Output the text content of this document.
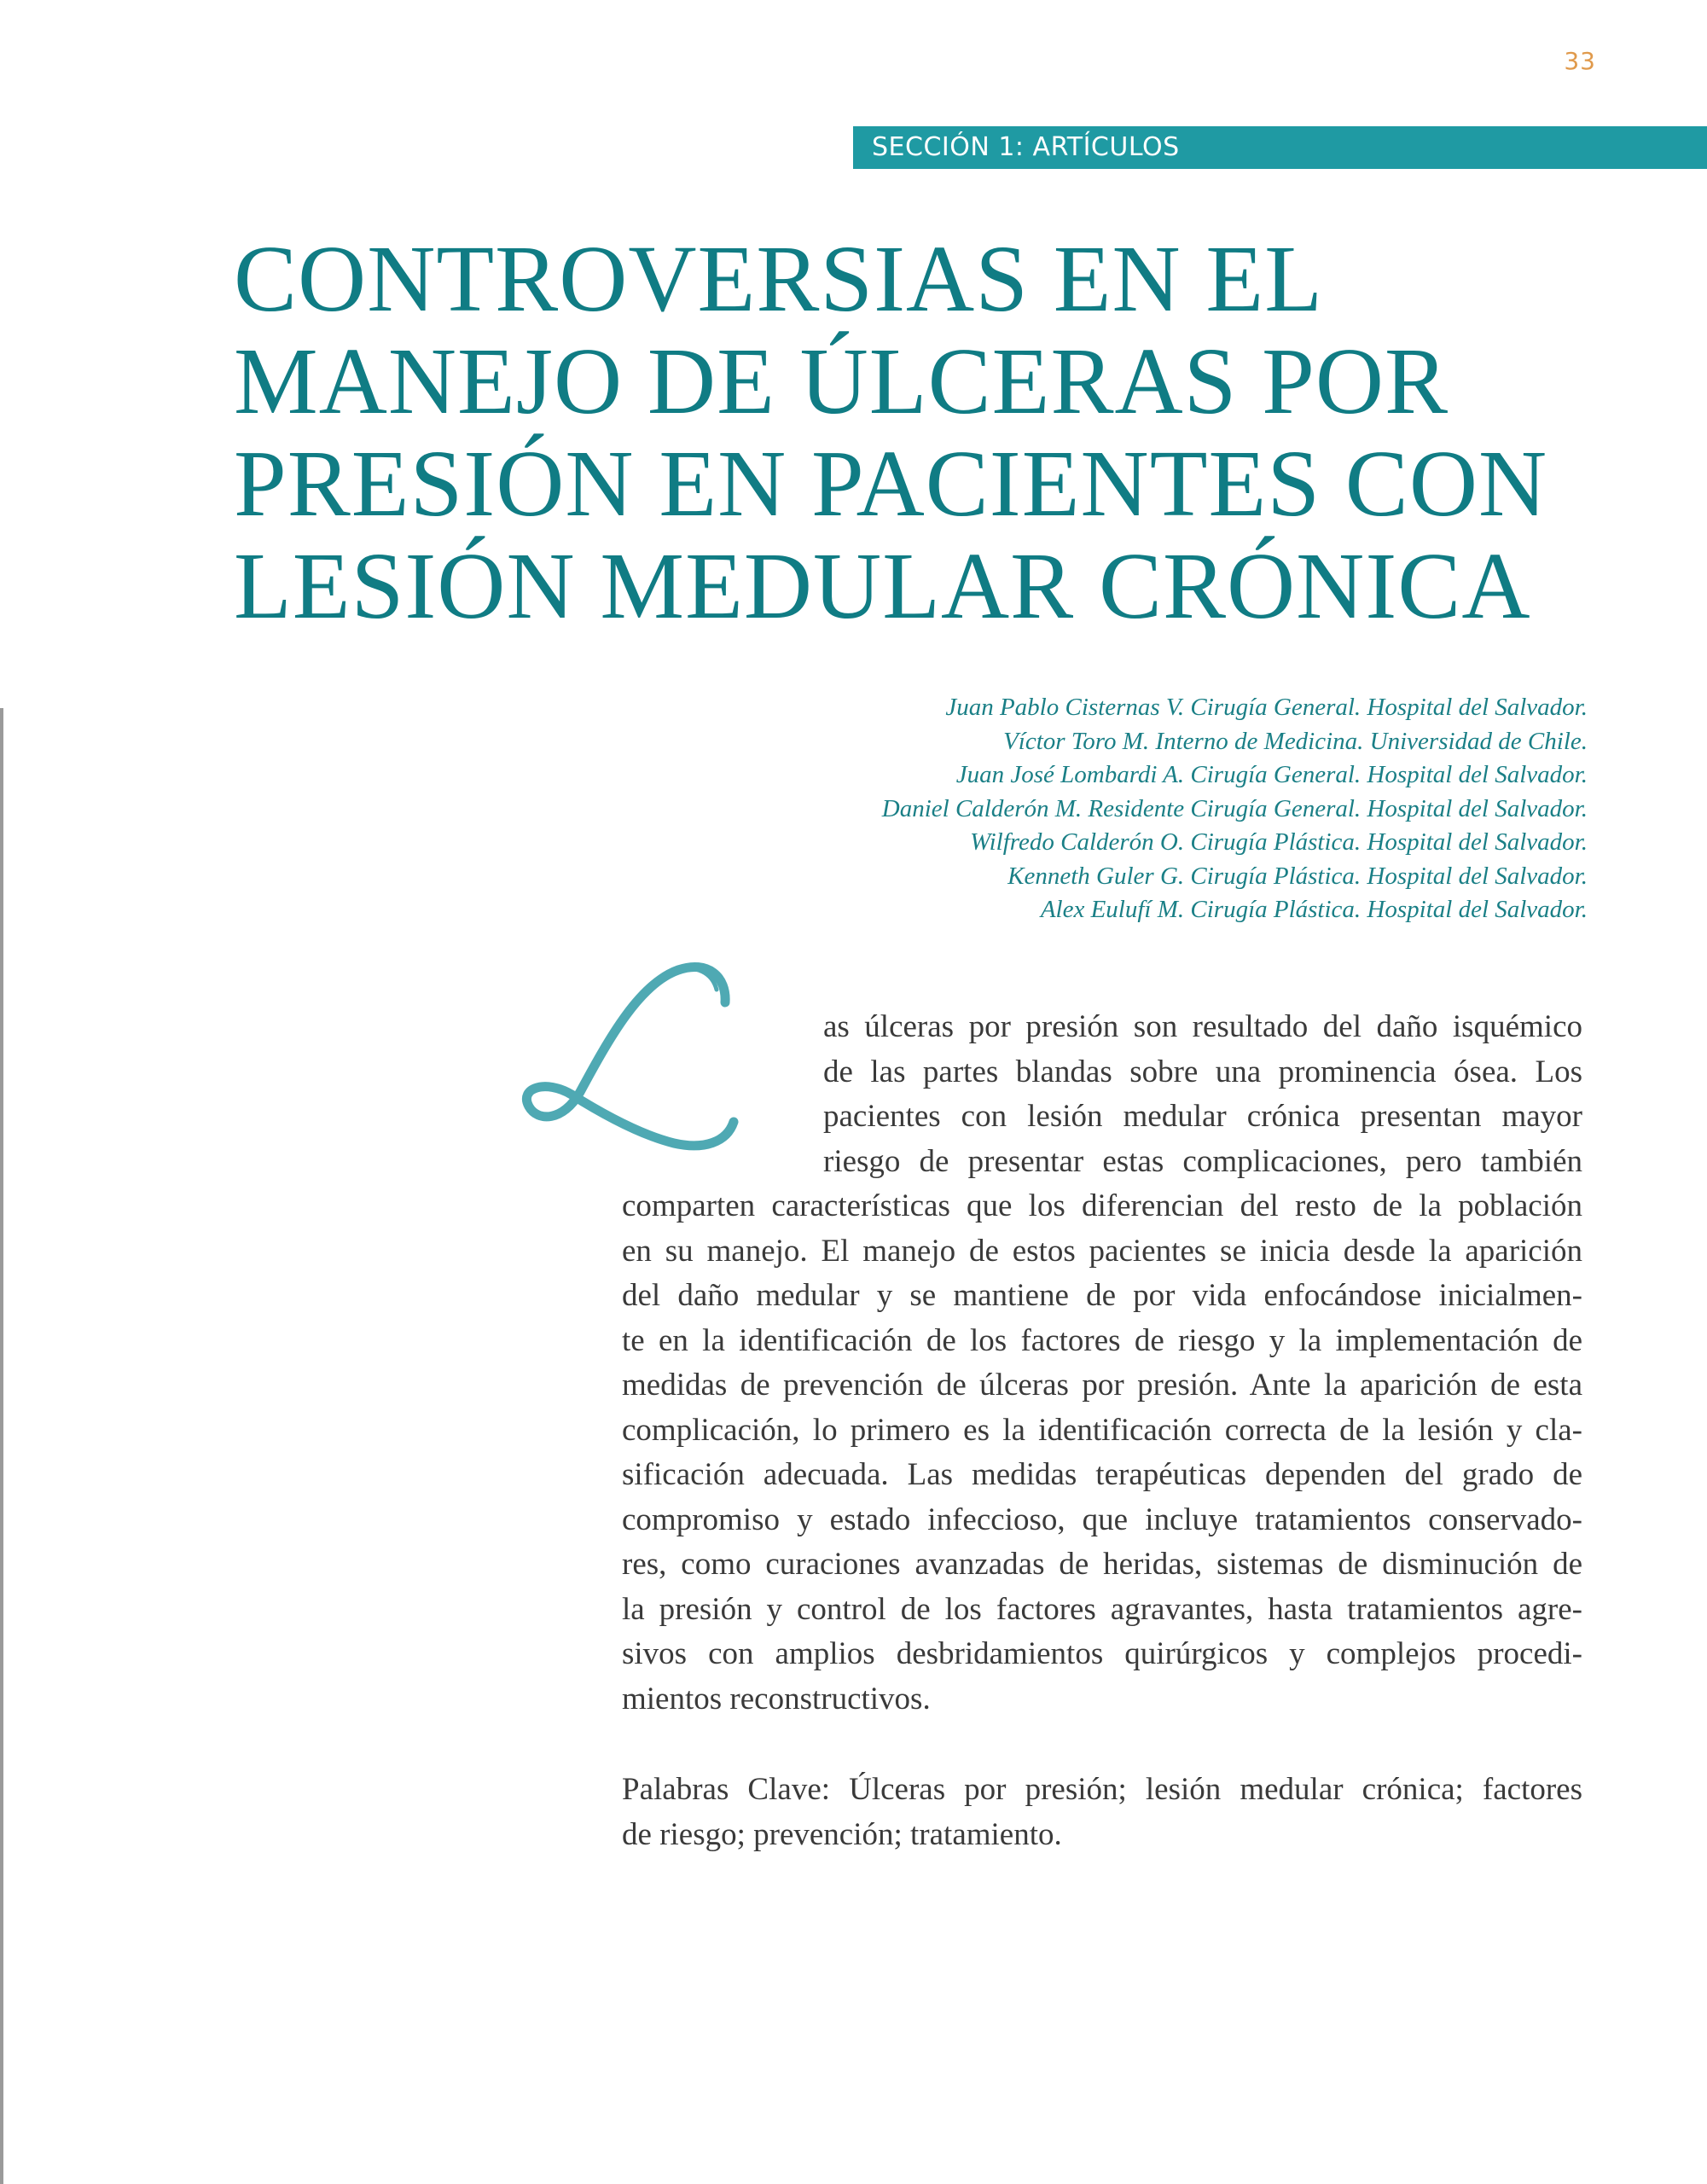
33
SECCIÓN 1: ARTÍCULOS
CONTROVERSIAS EN EL
MANEJO DE ÚLCERAS POR
PRESIÓN EN PACIENTES CON
LESIÓN MEDULAR CRÓNICA
Juan Pablo Cisternas V. Cirugía General. Hospital del Salvador.
Víctor Toro M. Interno de Medicina. Universidad de Chile.
Juan José Lombardi A. Cirugía General. Hospital del Salvador.
Daniel Calderón M. Residente Cirugía General. Hospital del Salvador.
Wilfredo Calderón O. Cirugía Plástica. Hospital del Salvador.
Kenneth Guler G. Cirugía Plástica. Hospital del Salvador.
Alex Eulufí M. Cirugía Plástica. Hospital del Salvador.
as úlceras por presión son resultado del daño isquémico
de las partes blandas sobre una prominencia ósea. Los
pacientes con lesión medular crónica presentan mayor
riesgo de presentar estas complicaciones, pero también
comparten características que los diferencian del resto de la población
en su manejo. El manejo de estos pacientes se inicia desde la aparición
del daño medular y se mantiene de por vida enfocándose inicialmen-
te en la identificación de los factores de riesgo y la implementación de
medidas de prevención de úlceras por presión. Ante la aparición de esta
complicación, lo primero es la identificación correcta de la lesión y cla-
sificación adecuada. Las medidas terapéuticas dependen del grado de
compromiso y estado infeccioso, que incluye tratamientos conservado-
res, como curaciones avanzadas de heridas, sistemas de disminución de
la presión y control de los factores agravantes, hasta tratamientos agre-
sivos con amplios desbridamientos quirúrgicos y complejos procedi-
mientos reconstructivos.
Palabras Clave: Úlceras por presión; lesión medular crónica; factores
de riesgo; prevención; tratamiento.
